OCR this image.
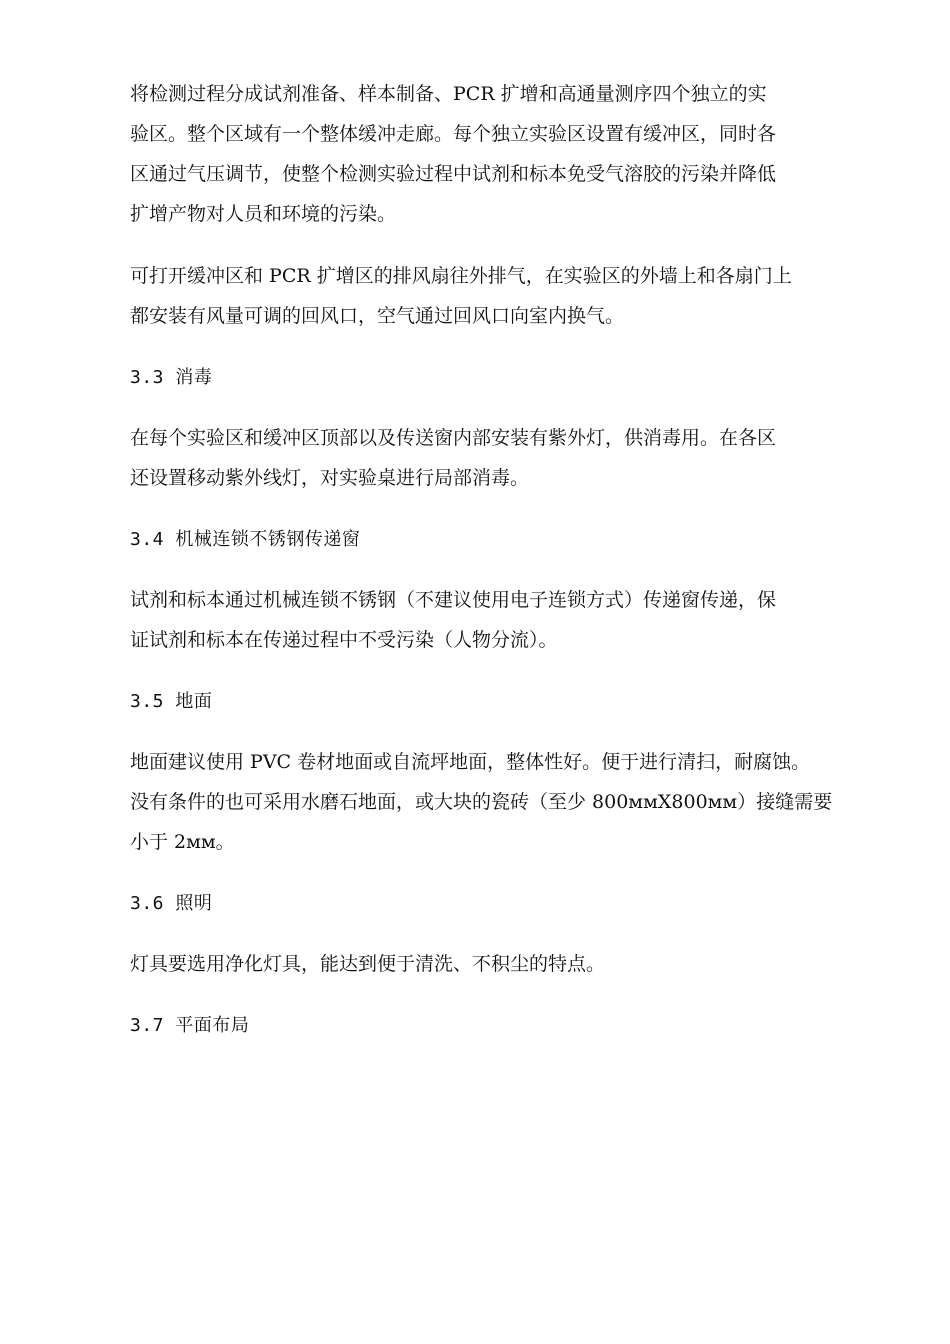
将检测过程分成试剂准备、样本制备、PCR 扩增和高通量测序四个独立的实
验区。整个区域有一个整体缓冲走廊。每个独立实验区设置有缓冲区，同时各
区通过气压调节，使整个检测实验过程中试剂和标本免受气溶胶的污染并降低
扩增产物对人员和环境的污染。
可打开缓冲区和 PCR 扩增区的排风扇往外排气，在实验区的外墙上和各扇门上
都安装有风量可调的回风口，空气通过回风口向室内换气。
3.3 消毒
在每个实验区和缓冲区顶部以及传送窗内部安装有紫外灯，供消毒用。在各区
还设置移动紫外线灯，对实验桌进行局部消毒。
3.4 机械连锁不锈钢传递窗
试剂和标本通过机械连锁不锈钢（不建议使用电子连锁方式）传递窗传递，保
证试剂和标本在传递过程中不受污染（人物分流）。
3.5 地面
地面建议使用 PVC 卷材地面或自流坪地面，整体性好。便于进行清扫，耐腐蚀。
没有条件的也可采用水磨石地面，或大块的瓷砖（至少 800ᴍᴍX800ᴍᴍ）接缝需要
小于 2ᴍᴍ。
3.6 照明
灯具要选用净化灯具，能达到便于清洗、不积尘的特点。
3.7 平面布局
